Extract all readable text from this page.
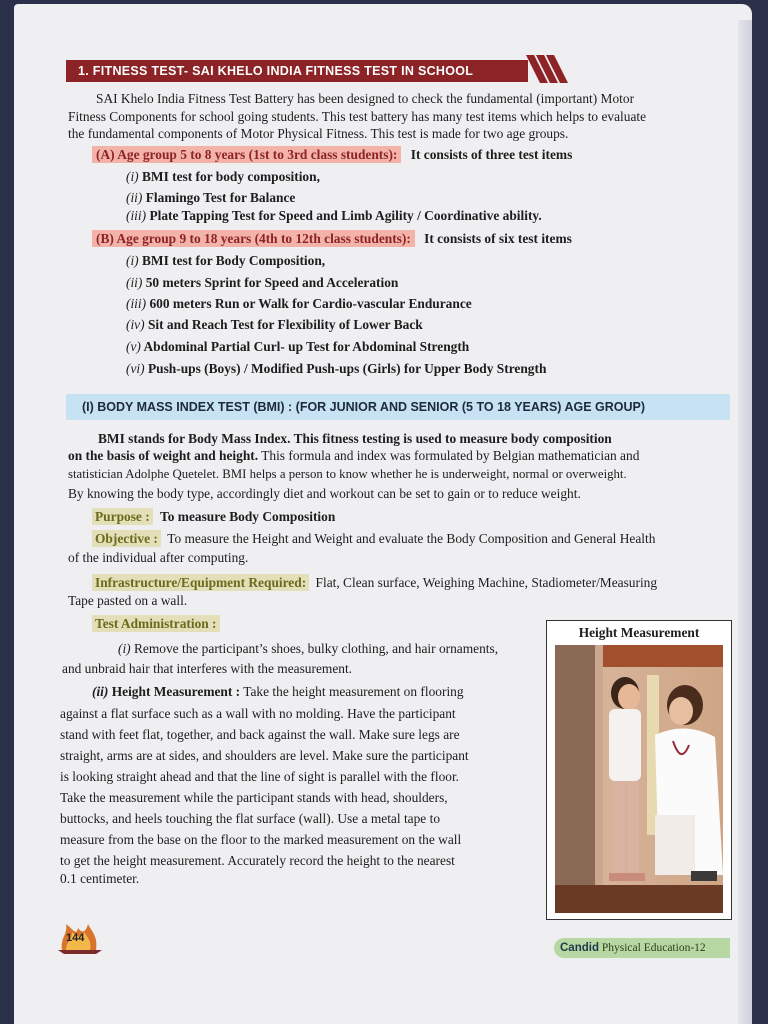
1. FITNESS TEST- SAI KHELO INDIA FITNESS TEST IN SCHOOL
SAI Khelo India Fitness Test Battery has been designed to check the fundamental (important) Motor
Fitness Components for school going students. This test battery has many test items which helps to evaluate
the fundamental components of Motor Physical Fitness. This test is made for two age groups.
(A) Age group 5 to 8 years (1st to 3rd class students): It consists of three test items
(i) BMI test for body composition,
(ii) Flamingo Test for Balance
(iii) Plate Tapping Test for Speed and Limb Agility / Coordinative ability.
(B) Age group 9 to 18 years (4th to 12th class students): It consists of six test items
(i) BMI test for Body Composition,
(ii) 50 meters Sprint for Speed and Acceleration
(iii) 600 meters Run or Walk for Cardio-vascular Endurance
(iv) Sit and Reach Test for Flexibility of Lower Back
(v) Abdominal Partial Curl- up Test for Abdominal Strength
(vi) Push-ups (Boys) / Modified Push-ups (Girls) for Upper Body Strength
(I) BODY MASS INDEX TEST (BMI) : (FOR JUNIOR AND SENIOR (5 TO 18 YEARS) AGE GROUP)
BMI stands for Body Mass Index. This fitness testing is used to measure body composition
on the basis of weight and height. This formula and index was formulated by Belgian mathematician and
statistician Adolphe Quetelet. BMI helps a person to know whether he is underweight, normal or overweight.
By knowing the body type, accordingly diet and workout can be set to gain or to reduce weight.
Purpose : To measure Body Composition
Objective : To measure the Height and Weight and evaluate the Body Composition and General Health
of the individual after computing.
Infrastructure/Equipment Required: Flat, Clean surface, Weighing Machine, Stadiometer/Measuring
Tape pasted on a wall.
Test Administration :
(i) Remove the participant’s shoes, bulky clothing, and hair ornaments,
and unbraid hair that interferes with the measurement.
(ii) Height Measurement : Take the height measurement on flooring
against a flat surface such as a wall with no molding. Have the participant
stand with feet flat, together, and back against the wall. Make sure legs are
straight, arms are at sides, and shoulders are level. Make sure the participant
is looking straight ahead and that the line of sight is parallel with the floor.
Take the measurement while the participant stands with head, shoulders,
buttocks, and heels touching the flat surface (wall). Use a metal tape to
measure from the base on the floor to the marked measurement on the wall
to get the height measurement. Accurately record the height to the nearest
0.1 centimeter.
Height Measurement
144
Candid Physical Education-12
